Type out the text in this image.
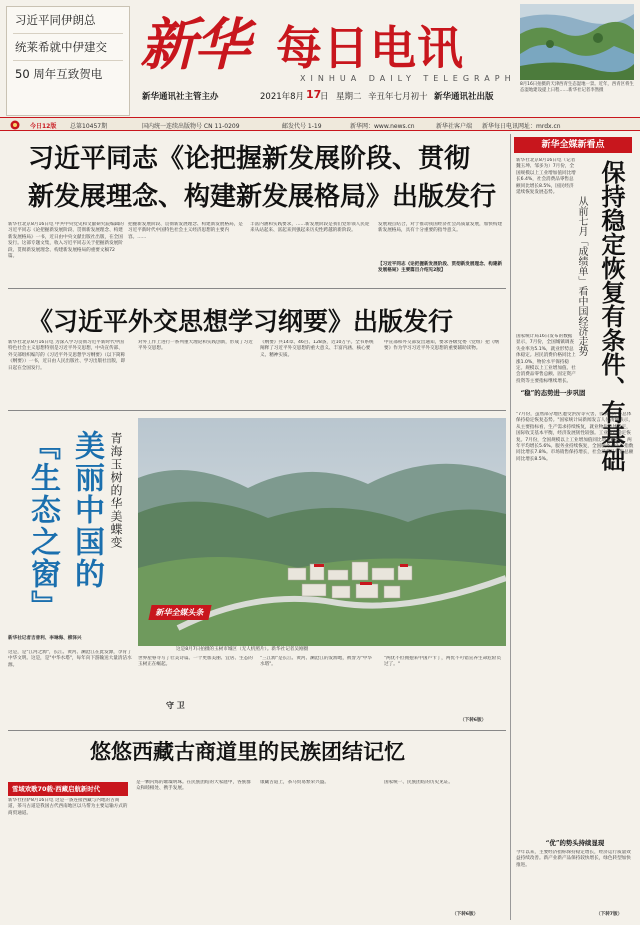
习近平同伊朗总
统莱希就中伊建交
50 周年互致贺电 新华 每日电讯
XINHUA DAILY TELEGRAPH
新华通讯社主管主办	2021年8月 17
日 星期二 辛丑年七月初十 新华通讯社出版
8月16日拍摄的天津西青生态湿地一景。近年，西青区将生态湿地建设提上日程……新华社记者李然摄
今日12版 总第10457期	国内统一连续出版物号 CN 11-0209	邮发代号 1-19	新华网：www.news.cn	新华社客户端 新华每日电讯网址：mrdx.cn
习近平同志《论把握新发展阶段、贯彻
新发展理念、构建新发展格局》出版发行
新华社北京8月16日电 中共中央党史和文献研究院编辑的习近平同志《论把握新发展阶段、贯彻新发展理念、构建新发展格局》一书，近日由中央文献出版社出版，在全国发行。这部专题文集，收入习近平同志关于把握新发展阶段、贯彻新发展理念、构建新发展格局的重要文稿72篇。
把握新发展阶段、贯彻新发展理念、构建新发展格局，是习近平新时代中国特色社会主义经济思想的主要内容。……
丰富内涵和实践要求，……新发展阶段是我们党带领人民迎来从站起来、富起来到强起来历史性跨越的新阶段。
发展观点结合，对于推动我国经济社会高质量发展，加快构建新发展格局，具有十分重要的指导意义。
【习近平同志《论把握新发展阶段、贯彻新发展理念、构建新发展格局》主要篇目介绍见2版】
《习近平外交思想学习纲要》出版发行
新华社北京8月16日电 为深入学习贯彻习近平新时代中国特色社会主义思想特别是习近平外交思想，中央宣传部、外交部组织编写的《习近平外交思想学习纲要》（以下简称《纲要》）一书，近日由人民出版社、学习出版社出版，即日起在全国发行。
对外工作上进行一系列重大理论和实践创新，形成了习近平外交思想。
《纲要》共14章、46目、128条，近10万字。全书系统阐释了习近平外交思想的重大意义、丰富内涵、核心要义、精神实质。
中宣部和外交部发出通知，要求各级党委（党组）把《纲要》作为学习习近平外交思想的重要辅助读物。
美丽中国的『生态之窗』	青海玉树的华美蝶变
新华全媒头条
这是8月7日拍摄的玉树市城区（无人机照片）。新华社记者吴刚摄
新华社记者吉普利、李琳海、柳泽兴
这是，是"江河之源"，长江、黄河、澜沧江在此发源，孕育了中华文明。这是，是"中华水塔"，每年向下游输送大量清洁水源。
世界屋脊寻写了壮美诗篇。一个更加美丽、宜居、生态的玉树正在崛起。
守 卫
"三江源"是长江、黄河、澜沧江的发源地，被誉为"中华水塔"。
"两优不但拥抱来中国卢卡丁，两优不可错宣养生命危险员过了。"
（下转6版）
悠悠西藏古商道里的民族团结记忆
雪域欢歌70载·西藏启航新时代
新华社拉萨8月16日电 这是一条连接西藏与内地的古商道，茶马古道是我国古代西南地区以马帮为主要运输方式的商贸通道。
是一颗闪烁的璀璨明珠。在民族团结的大家庭中，各族群众和睦相处、携手发展。
康藏古道上，茶马贸易繁荣兴盛。	国家统一、民族团结的历史见证。
（下转6版）
新华全媒新看点
新华社北京8月16日电（记者魏玉坤、邹多为）7月份，全国规模以上工业增加值同比增长6.4%，社会消费品零售总额同比增长8.5%，国民经济延续恢复发展态势。	保持稳定恢复有条件、有基础
从前七月「成绩单」看中国经济走势
国家统计局16日发布的数据显示，7月份，全国城镇调查失业率为5.1%，就业形势总体稳定。居民消费价格同比上涨1.0%，物价水平保持稳定。规模以上工业增加值、社会消费品零售总额、固定资产投资等主要指标继续增长。
“稳”的态势进一步巩固
"7月份，虽然部分地区遭受洪涝等灾害，但我国经济总体保持稳定恢复态势。"国家统计局新闻发言人付凌晖表示，从主要指标看，生产需求持续恢复，就业物价总体稳定，国际收支基本平衡，经济发展韧性较强。工业生产稳定恢复。7月份，全国规模以上工业增加值同比增长6.4%，两年平均增长5.6%。服务业持续恢复，全国服务业生产指数同比增长7.8%。市场销售保持增长，社会消费品零售总额同比增长8.5%。
“优”的势头持续显现
今年以来，主要经济指标保持稳定增长，经济运行质量效益持续改善。新产业新产品保持较快增长，绿色转型加快推进。
（下转7版）
